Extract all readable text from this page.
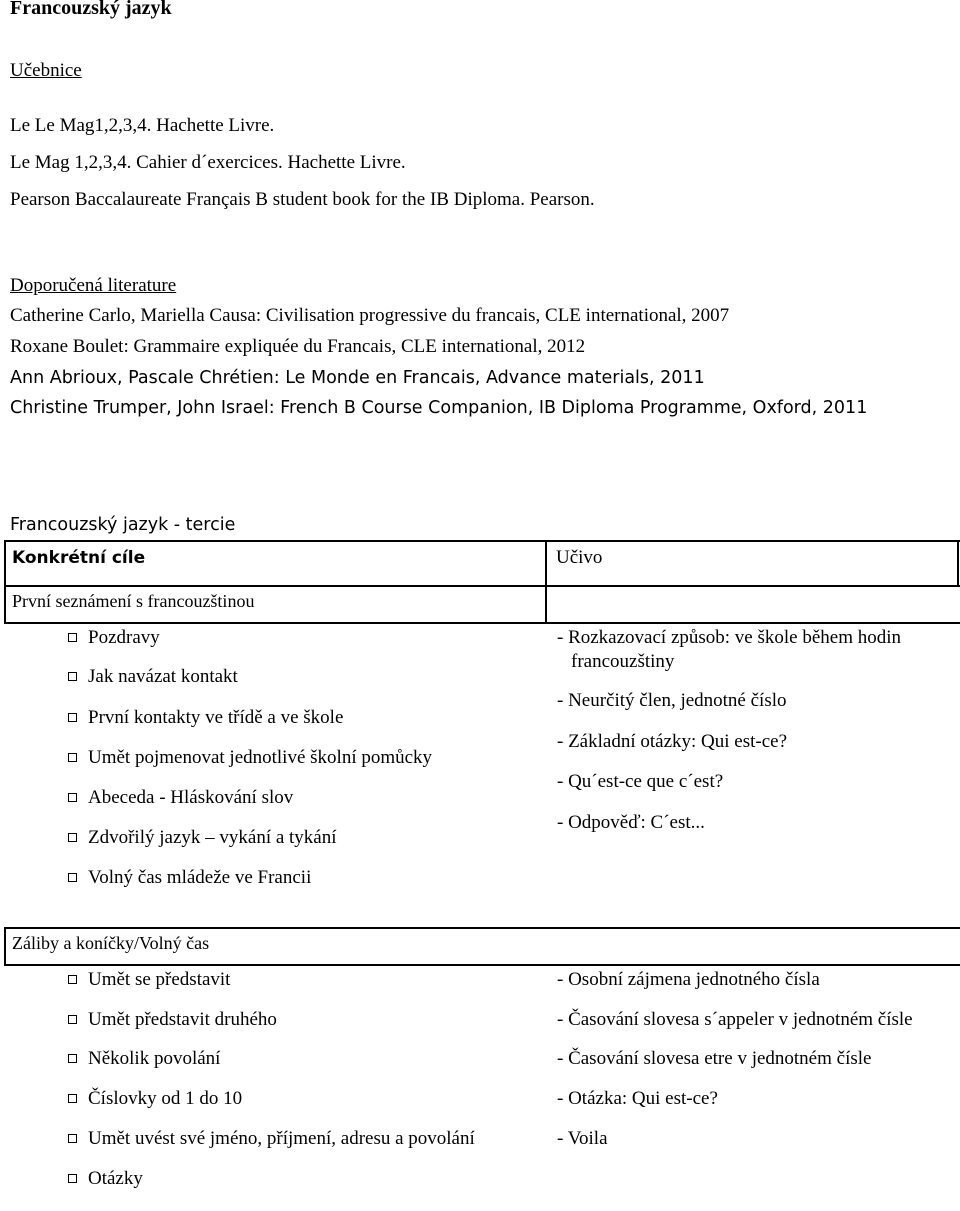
Francouzský jazyk
Učebnice
Le Le Mag1,2,3,4. Hachette Livre.
Le Mag 1,2,3,4. Cahier d´exercices. Hachette Livre.
Pearson Baccalaureate Français B student book for the IB Diploma. Pearson.
Doporučená literature
Catherine Carlo, Mariella Causa: Civilisation progressive du francais, CLE international, 2007
Roxane Boulet: Grammaire expliquée du Francais, CLE international, 2012
Ann Abrioux, Pascale Chrétien: Le Monde en Francais, Advance materials, 2011
Christine Trumper, John Israel: French B Course Companion, IB Diploma Programme, Oxford, 2011
Francouzský jazyk - tercie
Konkrétní cíle	Učivo
První seznámení s francouzštinou
Pozdravy
Jak navázat kontakt
První kontakty ve třídě a ve škole
Umět pojmenovat jednotlivé školní pomůcky
Abeceda - Hláskování slov
Zdvořilý jazyk – vykání a tykání
Volný čas mládeže ve Francii
- Rozkazovací způsob: ve škole během hodin
francouzštiny
- Neurčitý člen, jednotné číslo
- Základní otázky: Qui est-ce?
- Qu´est-ce que c´est?
- Odpověď: C´est...
Záliby a koníčky/Volný čas
Umět se představit
Umět představit druhého
Několik povolání
Číslovky od 1 do 10
Umět uvést své jméno, příjmení, adresu a povolání
Otázky
- Osobní zájmena jednotného čísla
- Časování slovesa s´appeler v jednotném čísle
- Časování slovesa etre v jednotném čísle
- Otázka: Qui est-ce?
- Voila
